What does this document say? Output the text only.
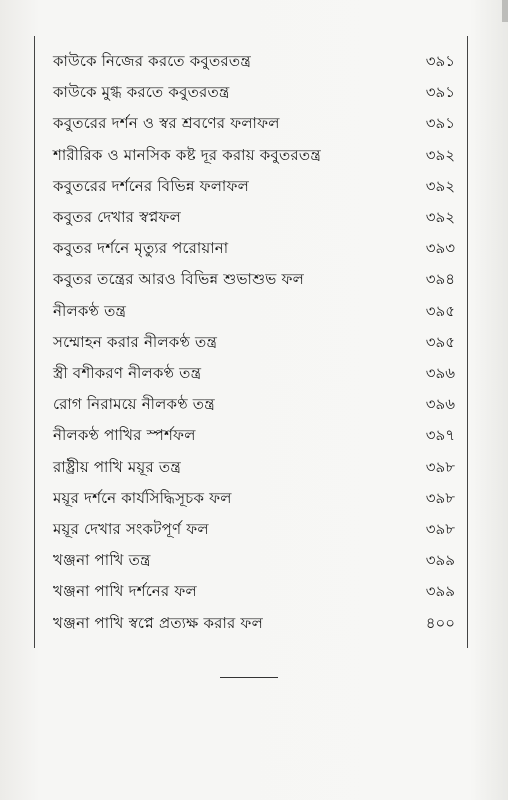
কাউকে নিজের করতে কবুতরতন্ত্র	৩৯১
কাউকে মুগ্ধ করতে কবুতরতন্ত্র	৩৯১
কবুতরের দর্শন ও স্বর শ্রবণের ফলাফল	৩৯১
শারীরিক ও মানসিক কষ্ট দূর করায় কবুতরতন্ত্র	৩৯২
কবুতরের দর্শনের বিভিন্ন ফলাফল	৩৯২
কবুতর দেখার স্বপ্নফল	৩৯২
কবুতর দর্শনে মৃত্যুর পরোয়ানা	৩৯৩
কবুতর তন্ত্রের আরও বিভিন্ন শুভাশুভ ফল	৩৯৪
নীলকণ্ঠ তন্ত্র	৩৯৫
সম্মোহন করার নীলকণ্ঠ তন্ত্র	৩৯৫
স্ত্রী বশীকরণ নীলকণ্ঠ তন্ত্র	৩৯৬
রোগ নিরাময়ে নীলকণ্ঠ তন্ত্র	৩৯৬
নীলকণ্ঠ পাখির স্পর্শফল	৩৯৭
রাষ্ট্রীয় পাখি ময়ূর তন্ত্র	৩৯৮
ময়ূর দর্শনে কার্যসিদ্ধিসূচক ফল	৩৯৮
ময়ূর দেখার সংকটপূর্ণ ফল	৩৯৮
খঞ্জনা পাখি তন্ত্র	৩৯৯
খঞ্জনা পাখি দর্শনের ফল	৩৯৯
খঞ্জনা পাখি স্বপ্নে প্রত্যক্ষ করার ফল	৪০০
